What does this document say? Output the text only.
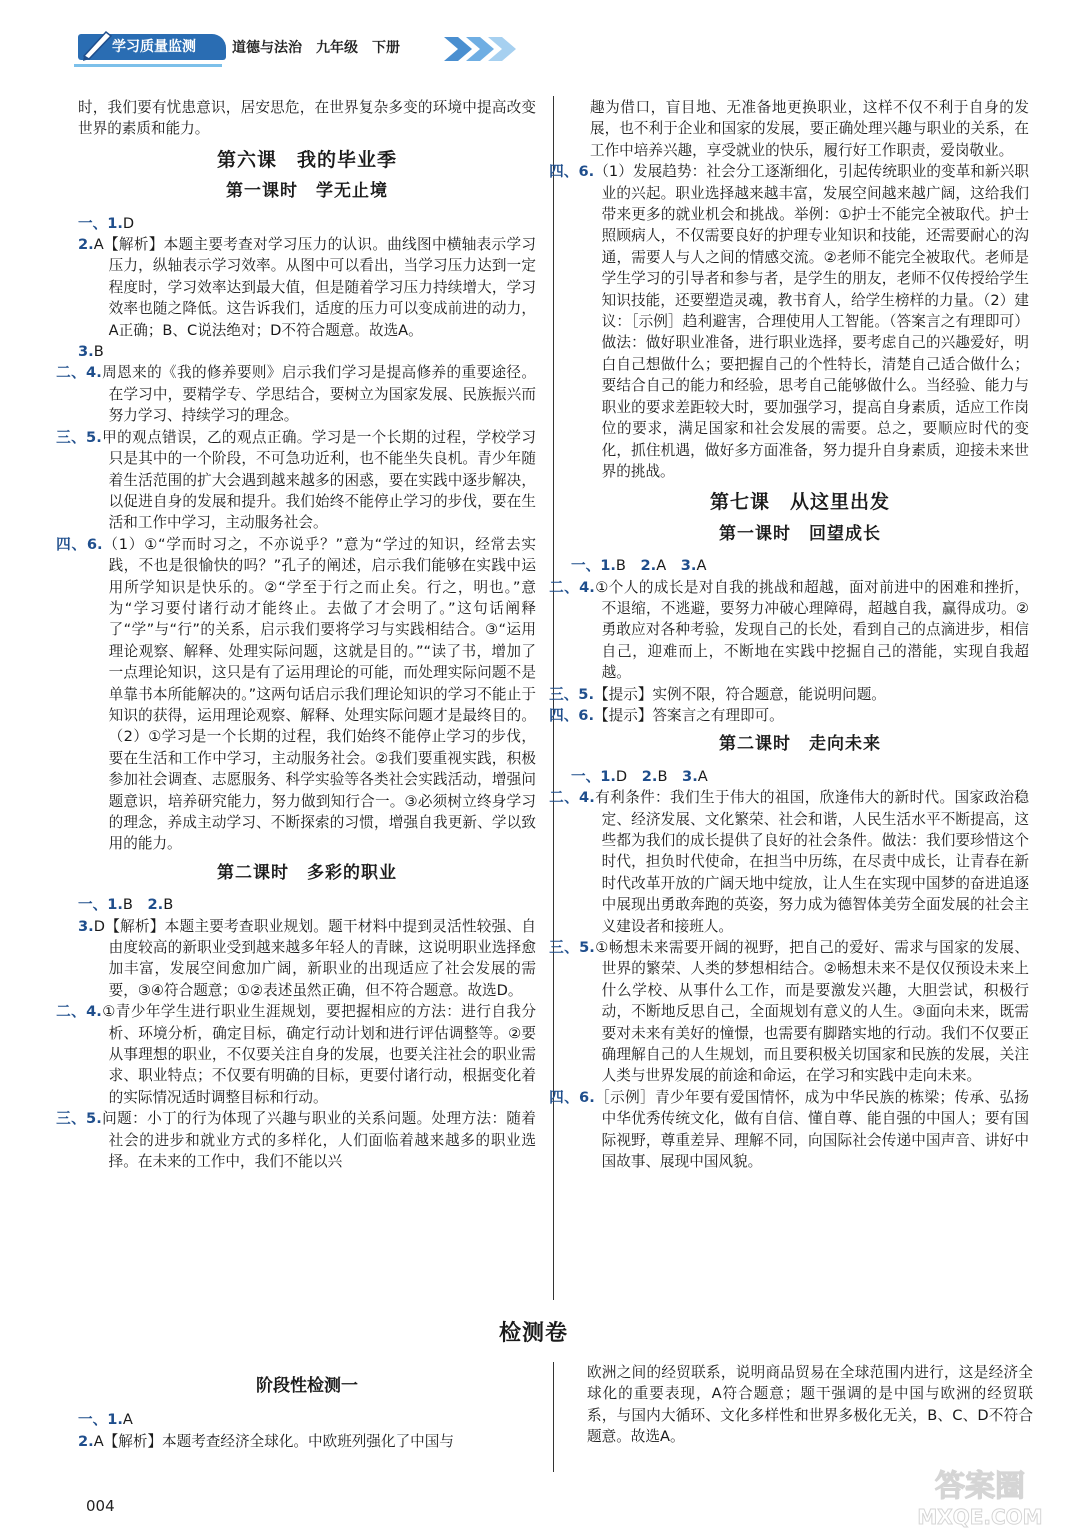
学习质量监测	道德与法治　九年级　下册

时，我们要有忧患意识，居安思危，在世界复杂多变的环境中提高改变世界的素质和能力。

第六课　我的毕业季
第一课时　学无止境

一、1.D

2.A【解析】本题主要考查对学习压力的认识。曲线图中横轴表示学习压力，纵轴表示学习效率。从图中可以看出，当学习压力达到一定程度时，学习效率达到最大值，但是随着学习压力持续增大，学习效率也随之降低。这告诉我们，适度的压力可以变成前进的动力，A正确；B、C说法绝对；D不符合题意。故选A。

3.B

二、4.周恩来的《我的修养要则》启示我们学习是提高修养的重要途径。在学习中，要精学专、学思结合，要树立为国家发展、民族振兴而努力学习、持续学习的理念。

三、5.甲的观点错误，乙的观点正确。学习是一个长期的过程，学校学习只是其中的一个阶段，不可急功近利，也不能坐失良机。青少年随着生活范围的扩大会遇到越来越多的困惑，要在实践中逐步解决，以促进自身的发展和提升。我们始终不能停止学习的步伐，要在生活和工作中学习，主动服务社会。

四、6.（1）①“学而时习之，不亦说乎？”意为“学过的知识，经常去实践，不也是很愉快的吗？”孔子的阐述，启示我们能够在实践中运用所学知识是快乐的。②“学至于行之而止矣。行之，明也。”意为“学习要付诸行动才能终止。去做了才会明了。”这句话阐释了“学”与“行”的关系，启示我们要将学习与实践相结合。③“运用理论观察、解释、处理实际问题，这就是目的。”“读了书，增加了一点理论知识，这只是有了运用理论的可能，而处理实际问题不是单靠书本所能解决的。”这两句话启示我们理论知识的学习不能止于知识的获得，运用理论观察、解释、处理实际问题才是最终目的。（2）①学习是一个长期的过程，我们始终不能停止学习的步伐，要在生活和工作中学习，主动服务社会。②我们要重视实践，积极参加社会调查、志愿服务、科学实验等各类社会实践活动，增强问题意识，培养研究能力，努力做到知行合一。③必须树立终身学习的理念，养成主动学习、不断探索的习惯，增强自我更新、学以致用的能力。

第二课时　多彩的职业

一、1.B　2.B

3.D【解析】本题主要考查职业规划。题干材料中提到灵活性较强、自由度较高的新职业受到越来越多年轻人的青睐，这说明职业选择愈加丰富，发展空间愈加广阔，新职业的出现适应了社会发展的需要，③④符合题意；①②表述虽然正确，但不符合题意。故选D。

二、4.①青少年学生进行职业生涯规划，要把握相应的方法：进行自我分析、环境分析，确定目标，确定行动计划和进行评估调整等。②要从事理想的职业，不仅要关注自身的发展，也要关注社会的职业需求、职业特点；不仅要有明确的目标，更要付诸行动，根据变化着的实际情况适时调整目标和行动。

三、5.问题：小丁的行为体现了兴趣与职业的关系问题。处理方法：随着社会的进步和就业方式的多样化，人们面临着越来越多的职业选择。在未来的工作中，我们不能以兴

趣为借口，盲目地、无准备地更换职业，这样不仅不利于自身的发展，也不利于企业和国家的发展，要正确处理兴趣与职业的关系，在工作中培养兴趣，享受就业的快乐，履行好工作职责，爱岗敬业。

四、6.（1）发展趋势：社会分工逐渐细化，引起传统职业的变革和新兴职业的兴起。职业选择越来越丰富，发展空间越来越广阔，这给我们带来更多的就业机会和挑战。举例：①护士不能完全被取代。护士照顾病人，不仅需要良好的护理专业知识和技能，还需要耐心的沟通，需要人与人之间的情感交流。②老师不能完全被取代。老师是学生学习的引导者和参与者，是学生的朋友，老师不仅传授给学生知识技能，还要塑造灵魂，教书育人，给学生榜样的力量。（2）建议：［示例］趋利避害，合理使用人工智能。（答案言之有理即可）做法：做好职业准备，进行职业选择，要考虑自己的兴趣爱好，明白自己想做什么；要把握自己的个性特长，清楚自己适合做什么；要结合自己的能力和经验，思考自己能够做什么。当经验、能力与职业的要求差距较大时，要加强学习，提高自身素质，适应工作岗位的要求，满足国家和社会发展的需要。总之，要顺应时代的变化，抓住机遇，做好多方面准备，努力提升自身素质，迎接未来世界的挑战。

第七课　从这里出发
第一课时　回望成长

一、1.B　2.A　3.A

二、4.①个人的成长是对自我的挑战和超越，面对前进中的困难和挫折，不退缩，不逃避，要努力冲破心理障碍，超越自我，赢得成功。②勇敢应对各种考验，发现自己的长处，看到自己的点滴进步，相信自己，迎难而上，不断地在实践中挖掘自己的潜能，实现自我超越。

三、5.【提示】实例不限，符合题意，能说明问题。

四、6.【提示】答案言之有理即可。

第二课时　走向未来

一、1.D　2.B　3.A

二、4.有利条件：我们生于伟大的祖国，欣逢伟大的新时代。国家政治稳定、经济发展、文化繁荣、社会和谐，人民生活水平不断提高，这些都为我们的成长提供了良好的社会条件。做法：我们要珍惜这个时代，担负时代使命，在担当中历练，在尽责中成长，让青春在新时代改革开放的广阔天地中绽放，让人生在实现中国梦的奋进追逐中展现出勇敢奔跑的英姿，努力成为德智体美劳全面发展的社会主义建设者和接班人。

三、5.①畅想未来需要开阔的视野，把自己的爱好、需求与国家的发展、世界的繁荣、人类的梦想相结合。②畅想未来不是仅仅预设未来上什么学校、从事什么工作，而是要激发兴趣，大胆尝试，积极行动，不断地反思自己，全面规划有意义的人生。③面向未来，既需要对未来有美好的憧憬，也需要有脚踏实地的行动。我们不仅要正确理解自己的人生规划，而且要积极关切国家和民族的发展，关注人类与世界发展的前途和命运，在学习和实践中走向未来。

四、6.［示例］青少年要有爱国情怀，成为中华民族的栋梁；传承、弘扬中华优秀传统文化，做有自信、懂自尊、能自强的中国人；要有国际视野，尊重差异、理解不同，向国际社会传递中国声音、讲好中国故事、展现中国风貌。

检测卷
阶段性检测一

一、1.A

2.A【解析】本题考查经济全球化。中欧班列强化了中国与

欧洲之间的经贸联系，说明商品贸易在全球范围内进行，这是经济全球化的重要表现，A符合题意；题干强调的是中国与欧洲的经贸联系，与国内大循环、文化多样性和世界多极化无关，B、C、D不符合题意。故选A。

004
答案圈
MXQE.COM
